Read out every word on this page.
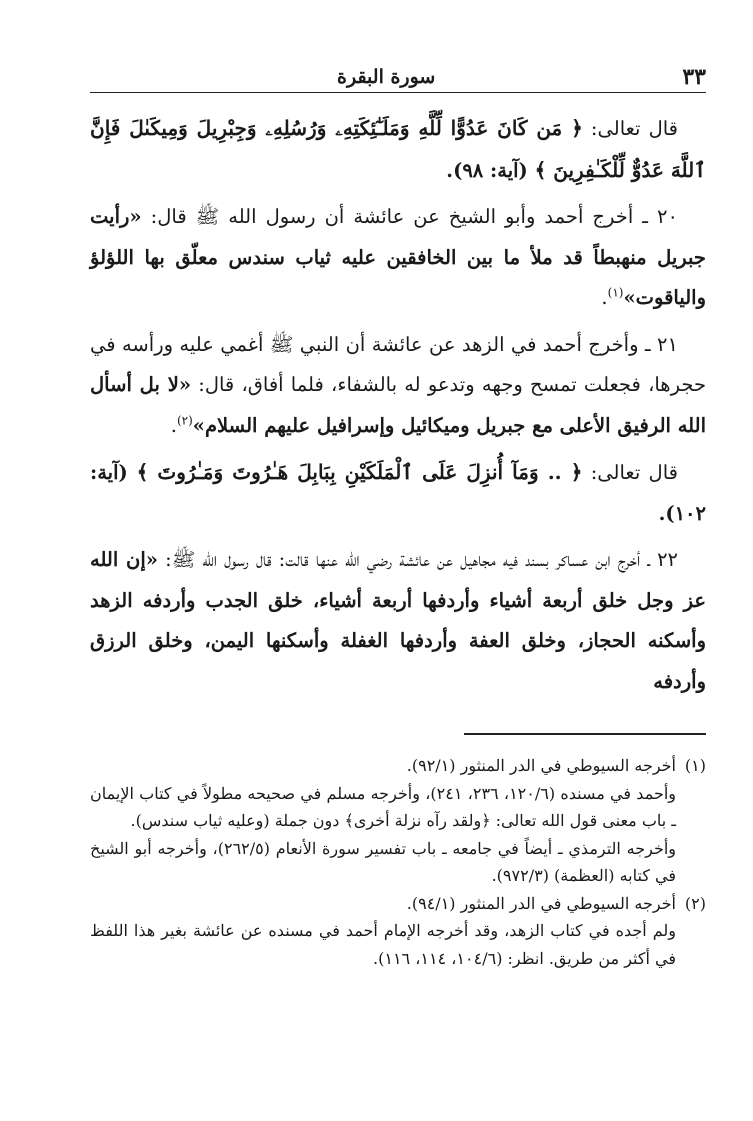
٣٣
سورة البقرة

قال تعالى: ﴿ مَن كَانَ عَدُوًّا لِّلَّهِ وَمَلَـٰٓئِكَتِهِۦ وَرُسُلِهِۦ وَجِبْرِيلَ وَمِيكَىٰلَ فَإِنَّ ٱللَّهَ عَدُوٌّ لِّلْكَـٰفِرِينَ ﴾ (آية: ٩٨).

٢٠ ـ أخرج أحمد وأبو الشيخ عن عائشة أن رسول الله ﷺ قال: «رأيت جبريل منهبطاً قد ملأ ما بين الخافقين عليه ثياب سندس معلّق بها اللؤلؤ والياقوت»$^{(١)}$.

٢١ ـ وأخرج أحمد في الزهد عن عائشة أن النبي ﷺ أغمي عليه ورأسه في حجرها، فجعلت تمسح وجهه وتدعو له بالشفاء، فلما أفاق، قال: «لا بل أسأل الله الرفيق الأعلى مع جبريل وميكائيل وإسرافيل عليهم السلام»$^{(٢)}$.

قال تعالى: ﴿ .. وَمَآ أُنزِلَ عَلَى ٱلْمَلَكَيْنِ بِبَابِلَ هَـٰرُوتَ وَمَـٰرُوتَ ﴾ (آية: ١٠٢).

٢٢ ـ أخرج ابن عساكر بسند فيه مجاهيل عن عائشة رضي الله عنها قالت: قال رسول الله ﷺ: «إن الله عز وجل خلق أربعة أشياء وأردفها أربعة أشياء، خلق الجدب وأردفه الزهد وأسكنه الحجاز، وخلق العفة وأردفها الغفلة وأسكنها اليمن، وخلق الرزق وأردفه

(١)أخرجه السيوطي في الدر المنثور (٩٢/١).

وأحمد في مسنده (١٢٠/٦، ٢٣٦، ٢٤١)، وأخرجه مسلم في صحيحه مطولاً في كتاب الإيمان ـ باب معنى قول الله تعالى: ﴿ولقد رآه نزلة أخرى﴾ دون جملة (وعليه ثياب سندس).

وأخرجه الترمذي ـ أيضاً في جامعه ـ باب تفسير سورة الأنعام (٢٦٢/٥)، وأخرجه أبو الشيخ في كتابه (العظمة) (٩٧٢/٣).

(٢)أخرجه السيوطي في الدر المنثور (٩٤/١).

ولم أجده في كتاب الزهد، وقد أخرجه الإمام أحمد في مسنده عن عائشة بغير هذا اللفظ في أكثر من طريق. انظر: (١٠٤/٦، ١١٤، ١١٦).
